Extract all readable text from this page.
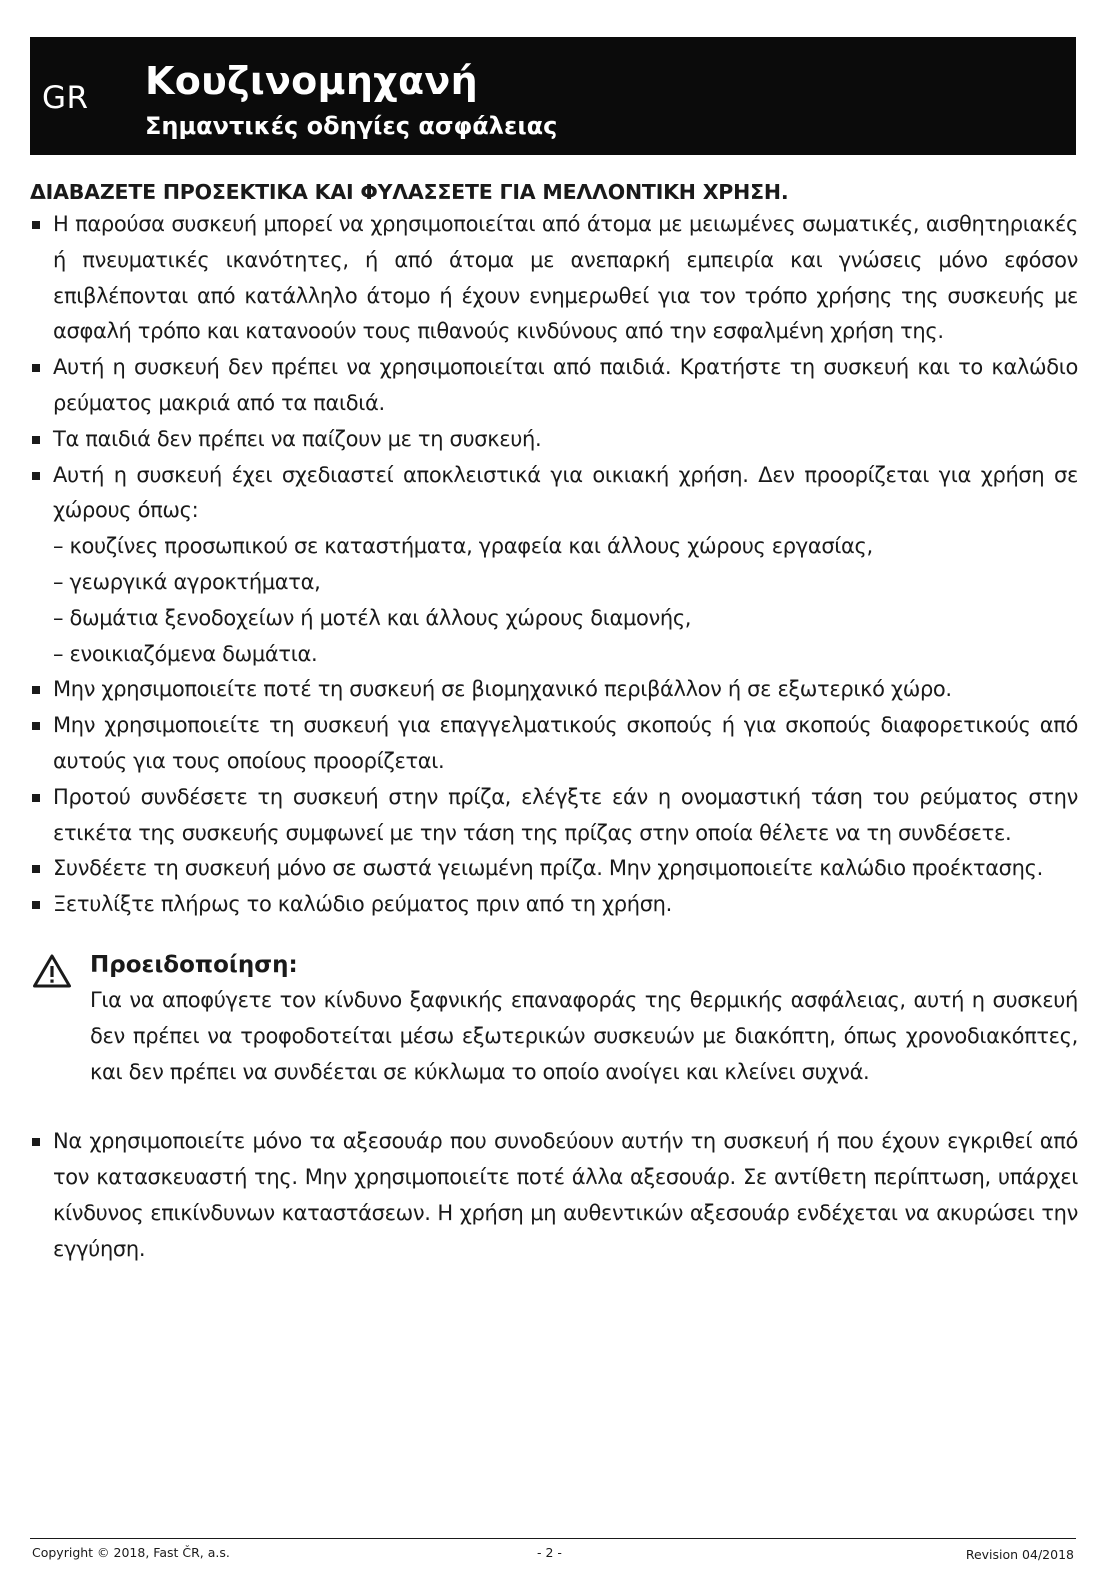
GR Κουζινομηχανή
Σημαντικές οδηγίες ασφάλειας
ΔΙΑΒΑΖΕΤΕ ΠΡΟΣΕΚΤΙΚΑ ΚΑΙ ΦΥΛΑΣΣΕΤΕ ΓΙΑ ΜΕΛΛΟΝΤΙΚΗ ΧΡΗΣΗ.
Η παρούσα συσκευή μπορεί να χρησιμοποιείται από άτομα με μειωμένες σωματικές, αισθητηριακές ή πνευματικές ικανότητες, ή από άτομα με ανεπαρκή εμπειρία και γνώσεις μόνο εφόσον επιβλέπονται από κατάλληλο άτομο ή έχουν ενημερωθεί για τον τρόπο χρήσης της συσκευής με ασφαλή τρόπο και κατανοούν τους πιθανούς κινδύνους από την εσφαλμένη χρήση της.
Αυτή η συσκευή δεν πρέπει να χρησιμοποιείται από παιδιά. Κρατήστε τη συσκευή και το καλώδιο ρεύματος μακριά από τα παιδιά.
Τα παιδιά δεν πρέπει να παίζουν με τη συσκευή.
Αυτή η συσκευή έχει σχεδιαστεί αποκλειστικά για οικιακή χρήση. Δεν προορίζεται για χρήση σε χώρους όπως:
– κουζίνες προσωπικού σε καταστήματα, γραφεία και άλλους χώρους εργασίας,
– γεωργικά αγροκτήματα,
– δωμάτια ξενοδοχείων ή μοτέλ και άλλους χώρους διαμονής,
– ενοικιαζόμενα δωμάτια.
Μην χρησιμοποιείτε ποτέ τη συσκευή σε βιομηχανικό περιβάλλον ή σε εξωτερικό χώρο.
Μην χρησιμοποιείτε τη συσκευή για επαγγελματικούς σκοπούς ή για σκοπούς διαφορετικούς από αυτούς για τους οποίους προορίζεται.
Προτού συνδέσετε τη συσκευή στην πρίζα, ελέγξτε εάν η ονομαστική τάση του ρεύματος στην ετικέτα της συσκευής συμφωνεί με την τάση της πρίζας στην οποία θέλετε να τη συνδέσετε.
Συνδέετε τη συσκευή μόνο σε σωστά γειωμένη πρίζα. Μην χρησιμοποιείτε καλώδιο προέκτασης.
Ξετυλίξτε πλήρως το καλώδιο ρεύματος πριν από τη χρήση.
Προειδοποίηση:
Για να αποφύγετε τον κίνδυνο ξαφνικής επαναφοράς της θερμικής ασφάλειας, αυτή η συσκευή δεν πρέπει να τροφοδοτείται μέσω εξωτερικών συσκευών με διακόπτη, όπως χρονοδιακόπτες, και δεν πρέπει να συνδέεται σε κύκλωμα το οποίο ανοίγει και κλείνει συχνά.
Να χρησιμοποιείτε μόνο τα αξεσουάρ που συνοδεύουν αυτήν τη συσκευή ή που έχουν εγκριθεί από τον κατασκευαστή της. Μην χρησιμοποιείτε ποτέ άλλα αξεσουάρ. Σε αντίθετη περίπτωση, υπάρχει κίνδυνος επικίνδυνων καταστάσεων. Η χρήση μη αυθεντικών αξεσουάρ ενδέχεται να ακυρώσει την εγγύηση.
Copyright © 2018, Fast ČR, a.s.	- 2 -	Revision 04/2018
